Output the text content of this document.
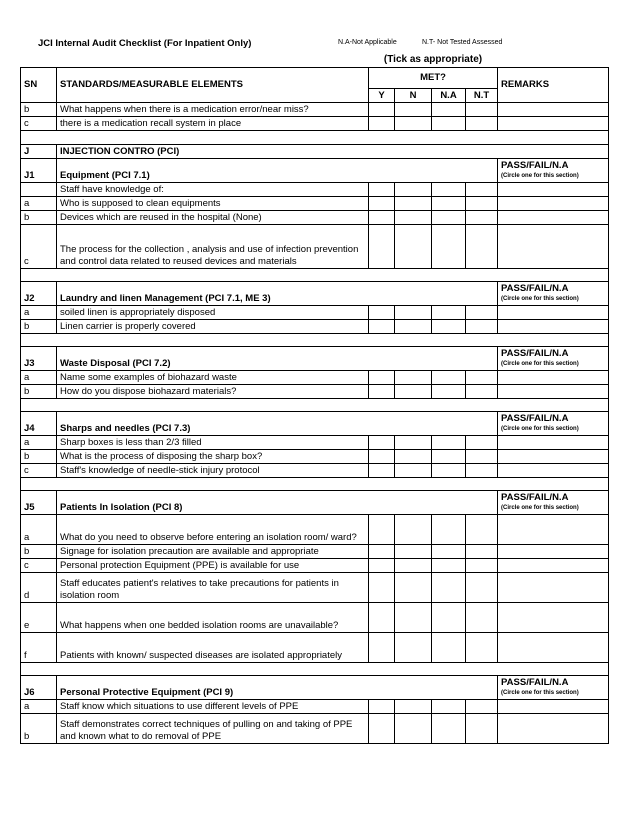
JCI Internal Audit Checklist (For Inpatient Only)	N.A-Not Applicable	N.T- Not Tested Assessed
(Tick as appropriate)
SN	STANDARDS/MEASURABLE ELEMENTS	MET?				REMARKS
		Y	N	N.A	N.T	
b	What happens when there is a medication error/near miss?					
c	there is a medication recall system in place					

J	INJECTION CONTRO (PCI)					
J1	Equipment (PCI 7.1)					PASS/FAIL/N.A
(Circle one for this section)

	Staff have knowledge of:					
a	Who is supposed to clean equipments					
b	Devices which are reused in the hospital (None)					
c	The process for the collection , analysis and use of infection prevention and control data related to reused devices and materials					

J2	Laundry and linen Management (PCI 7.1, ME 3)					PASS/FAIL/N.A
(Circle one for this section)

a	soiled linen is appropriately disposed					
b	Linen carrier is properly covered					

J3	Waste Disposal (PCI 7.2)					PASS/FAIL/N.A
(Circle one for this section)

a	Name some examples of biohazard waste					
b	How do you dispose biohazard materials?					

J4	Sharps and needles (PCI 7.3)					PASS/FAIL/N.A
(Circle one for this section)

a	Sharp boxes is less than 2/3 filled					
b	What is the process of disposing the sharp box?					
c	Staff's knowledge of needle-stick injury protocol					

J5	Patients In Isolation (PCI 8)					PASS/FAIL/N.A
(Circle one for this section)

a	What do you need to observe before entering an isolation room/ ward?					
b	Signage for isolation precaution are available and appropriate					
c	Personal protection Equipment (PPE) is available for use					
d	Staff educates patient's relatives to take precautions for patients in isolation room					
e	What happens when one bedded isolation rooms are unavailable?					
f	Patients with known/ suspected diseases are isolated appropriately					

J6	Personal Protective Equipment (PCI 9)					PASS/FAIL/N.A
(Circle one for this section)

a	Staff know which situations to use different levels of PPE					
b	Staff demonstrates correct techniques of pulling on and taking of PPE and known what to do removal of PPE					
